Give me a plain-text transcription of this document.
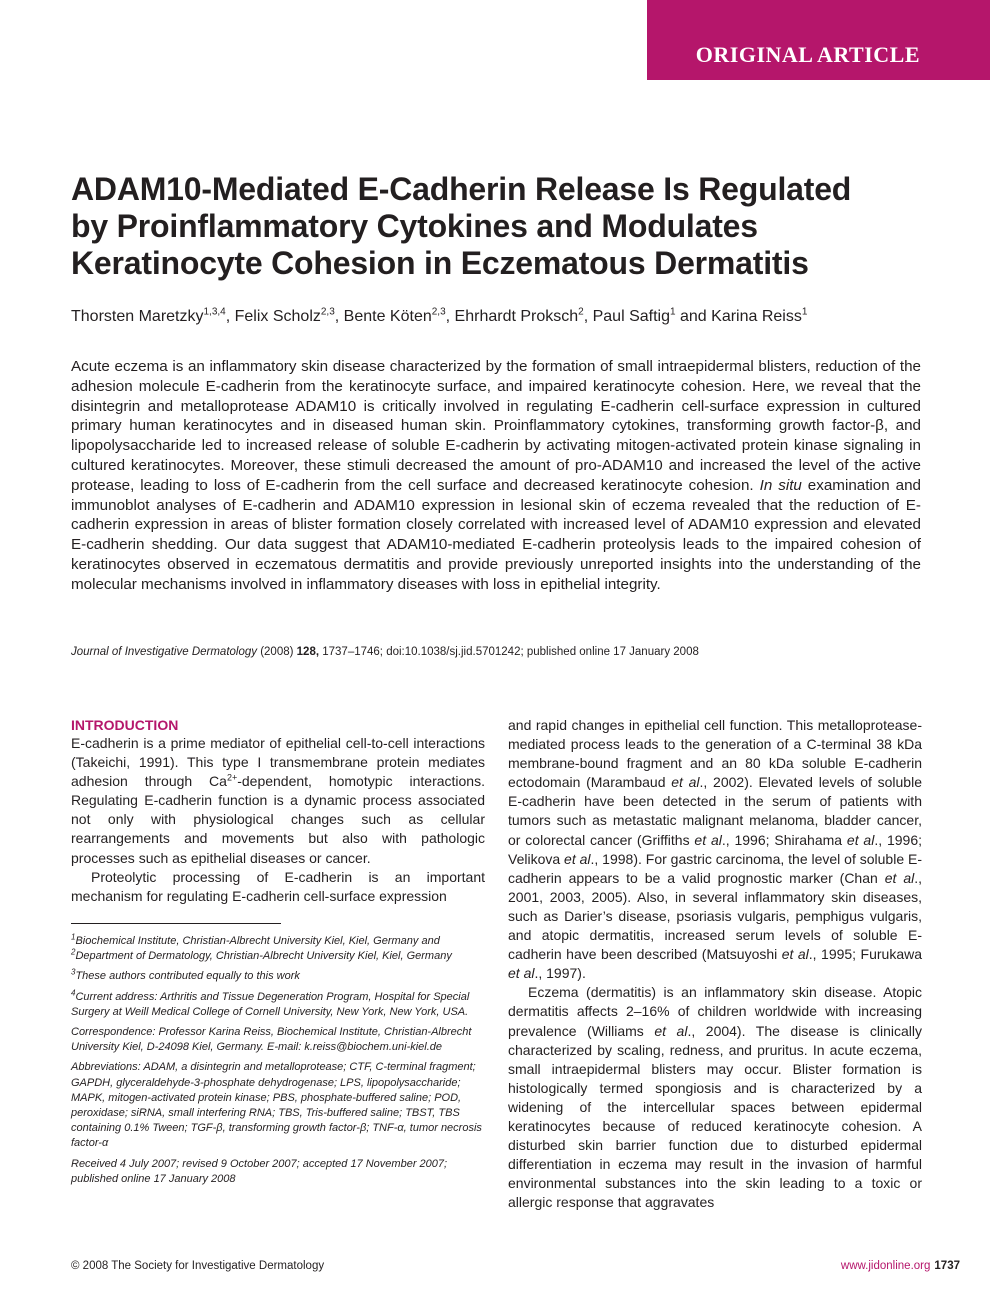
ORIGINAL ARTICLE
ADAM10-Mediated E-Cadherin Release Is Regulated
by Proinflammatory Cytokines and Modulates
Keratinocyte Cohesion in Eczematous Dermatitis
Thorsten Maretzky$^{1,3,4}$, Felix Scholz$^{2,3}$, Bente Köten$^{2,3}$, Ehrhardt Proksch$^2$, Paul Saftig$^1$ and Karina Reiss$^1$

Acute eczema is an inflammatory skin disease characterized by the formation of small intraepidermal blisters, reduction of the adhesion molecule E-cadherin from the keratinocyte surface, and impaired keratinocyte cohesion. Here, we reveal that the disintegrin and metalloprotease ADAM10 is critically involved in regulating E-cadherin cell-surface expression in cultured primary human keratinocytes and in diseased human skin. Proinflammatory cytokines, transforming growth factor-β, and lipopolysaccharide led to increased release of soluble E-cadherin by activating mitogen-activated protein kinase signaling in cultured keratinocytes. Moreover, these stimuli decreased the amount of pro-ADAM10 and increased the level of the active protease, leading to loss of E-cadherin from the cell surface and decreased keratinocyte cohesion. In situ examination and immunoblot analyses of E-cadherin and ADAM10 expression in lesional skin of eczema revealed that the reduction of E-cadherin expression in areas of blister formation closely correlated with increased level of ADAM10 expression and elevated E-cadherin shedding. Our data suggest that ADAM10-mediated E-cadherin proteolysis leads to the impaired cohesion of keratinocytes observed in eczematous dermatitis and provide previously unreported insights into the understanding of the molecular mechanisms involved in inflammatory diseases with loss in epithelial integrity.

Journal of Investigative Dermatology (2008) 128, 1737–1746; doi:10.1038/sj.jid.5701242; published online 17 January 2008
INTRODUCTION

E-cadherin is a prime mediator of epithelial cell-to-cell interactions (Takeichi, 1991). This type I transmembrane protein mediates adhesion through $Ca^{2+}$-dependent, homotypic interactions. Regulating E-cadherin function is a dynamic process associated not only with physiological changes such as cellular rearrangements and movements but also with pathologic processes such as epithelial diseases or cancer.

Proteolytic processing of E-cadherin is an important mechanism for regulating E-cadherin cell-surface expression

$^1$Biochemical Institute, Christian-Albrecht University Kiel, Kiel, Germany and

$^2$Department of Dermatology, Christian-Albrecht University Kiel, Kiel, Germany

$^3$These authors contributed equally to this work

$^4$Current address: Arthritis and Tissue Degeneration Program, Hospital for Special Surgery at Weill Medical College of Cornell University, New York, New York, USA.

Correspondence: Professor Karina Reiss, Biochemical Institute, Christian-Albrecht University Kiel, D-24098 Kiel, Germany. E-mail: k.reiss@biochem.uni-kiel.de

Abbreviations: ADAM, a disintegrin and metalloprotease; CTF, C-terminal fragment; GAPDH, glyceraldehyde-3-phosphate dehydrogenase; LPS, lipopolysaccharide; MAPK, mitogen-activated protein kinase; PBS, phosphate-buffered saline; POD, peroxidase; siRNA, small interfering RNA; TBS, Tris-buffered saline; TBST, TBS containing 0.1% Tween; TGF-β, transforming growth factor-β; TNF-α, tumor necrosis factor-α

Received 4 July 2007; revised 9 October 2007; accepted 17 November 2007; published online 17 January 2008

and rapid changes in epithelial cell function. This metalloprotease-mediated process leads to the generation of a C-terminal 38 kDa membrane-bound fragment and an 80 kDa soluble E-cadherin ectodomain (Marambaud et al., 2002). Elevated levels of soluble E-cadherin have been detected in the serum of patients with tumors such as metastatic malignant melanoma, bladder cancer, or colorectal cancer (Griffiths et al., 1996; Shirahama et al., 1996; Velikova et al., 1998). For gastric carcinoma, the level of soluble E-cadherin appears to be a valid prognostic marker (Chan et al., 2001, 2003, 2005). Also, in several inflammatory skin diseases, such as Darier’s disease, psoriasis vulgaris, pemphigus vulgaris, and atopic dermatitis, increased serum levels of soluble E-cadherin have been described (Matsuyoshi et al., 1995; Furukawa et al., 1997).

Eczema (dermatitis) is an inflammatory skin disease. Atopic dermatitis affects 2–16% of children worldwide with increasing prevalence (Williams et al., 2004). The disease is clinically characterized by scaling, redness, and pruritus. In acute eczema, small intraepidermal blisters may occur. Blister formation is histologically termed spongiosis and is characterized by a widening of the intercellular spaces between epidermal keratinocytes because of reduced keratinocyte cohesion. A disturbed skin barrier function due to disturbed epidermal differentiation in eczema may result in the invasion of harmful environmental substances into the skin leading to a toxic or allergic response that aggravates

© 2008 The Society for Investigative Dermatology	www.jidonline.org 1737
